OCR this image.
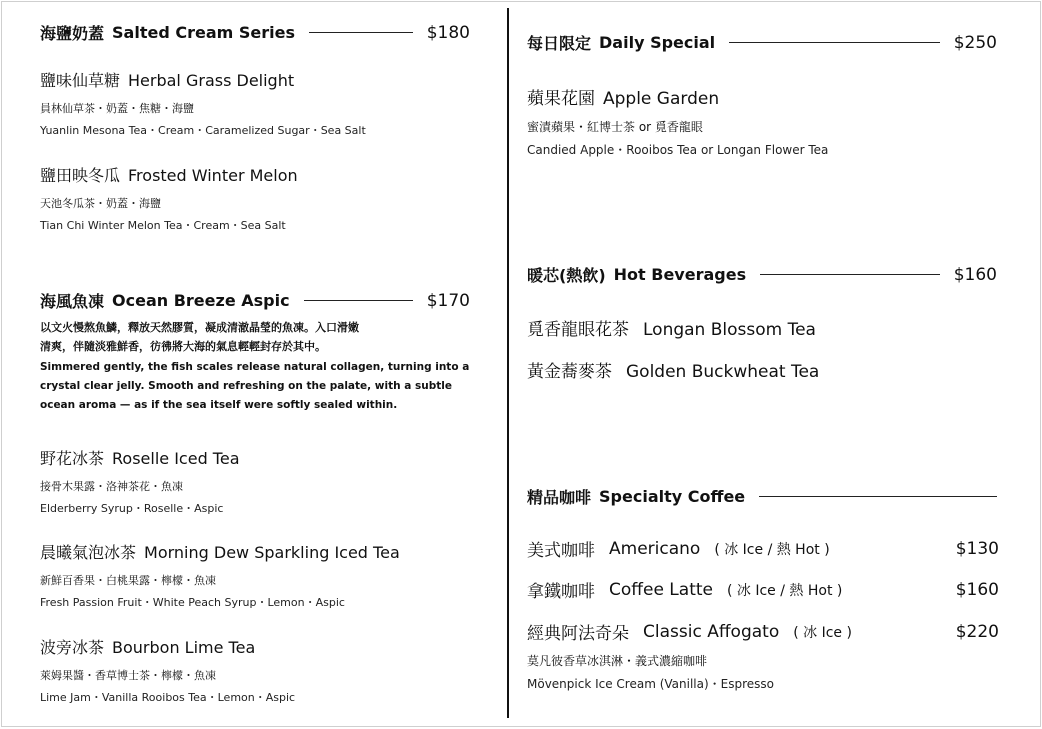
海鹽奶蓋 Salted Cream Series	$180
鹽味仙草糖 Herbal Grass Delight
員林仙草茶・奶蓋・焦糖・海鹽
Yuanlin Mesona Tea・Cream・Caramelized Sugar・Sea Salt
鹽田映冬瓜 Frosted Winter Melon
天池冬瓜茶・奶蓋・海鹽
Tian Chi Winter Melon Tea・Cream・Sea Salt
海風魚凍 Ocean Breeze Aspic	$170
以文火慢熬魚鱗，釋放天然膠質，凝成清澈晶瑩的魚凍。入口滑嫩
清爽，伴隨淡雅鮮香，彷彿將大海的氣息輕輕封存於其中。
Simmered gently, the fish scales release natural collagen, turning into a
crystal clear jelly. Smooth and refreshing on the palate, with a subtle
ocean aroma — as if the sea itself were softly sealed within.
野花冰茶 Roselle Iced Tea
接骨木果露・洛神茶花・魚凍
Elderberry Syrup・Roselle・Aspic
晨曦氣泡冰茶 Morning Dew Sparkling Iced Tea
新鮮百香果・白桃果露・檸檬・魚凍
Fresh Passion Fruit・White Peach Syrup・Lemon・Aspic
波旁冰茶 Bourbon Lime Tea
萊姆果醬・香草博士茶・檸檬・魚凍
Lime Jam・Vanilla Rooibos Tea・Lemon・Aspic
每日限定 Daily Special	$250
蘋果花園 Apple Garden
蜜漬蘋果・紅博士茶 or 覓香龍眼
Candied Apple・Rooibos Tea or Longan Flower Tea
暖芯(熱飲) Hot Beverages	$160
覓香龍眼花茶 Longan Blossom Tea
黃金蕎麥茶 Golden Buckwheat Tea
精品咖啡 Specialty Coffee
美式咖啡 Americano ( 冰 Ice / 熱 Hot )	$130
拿鐵咖啡 Coffee Latte ( 冰 Ice / 熱 Hot )	$160
經典阿法奇朵 Classic Affogato ( 冰 Ice )	$220
莫凡彼香草冰淇淋・義式濃縮咖啡
Mövenpick Ice Cream (Vanilla)・Espresso
